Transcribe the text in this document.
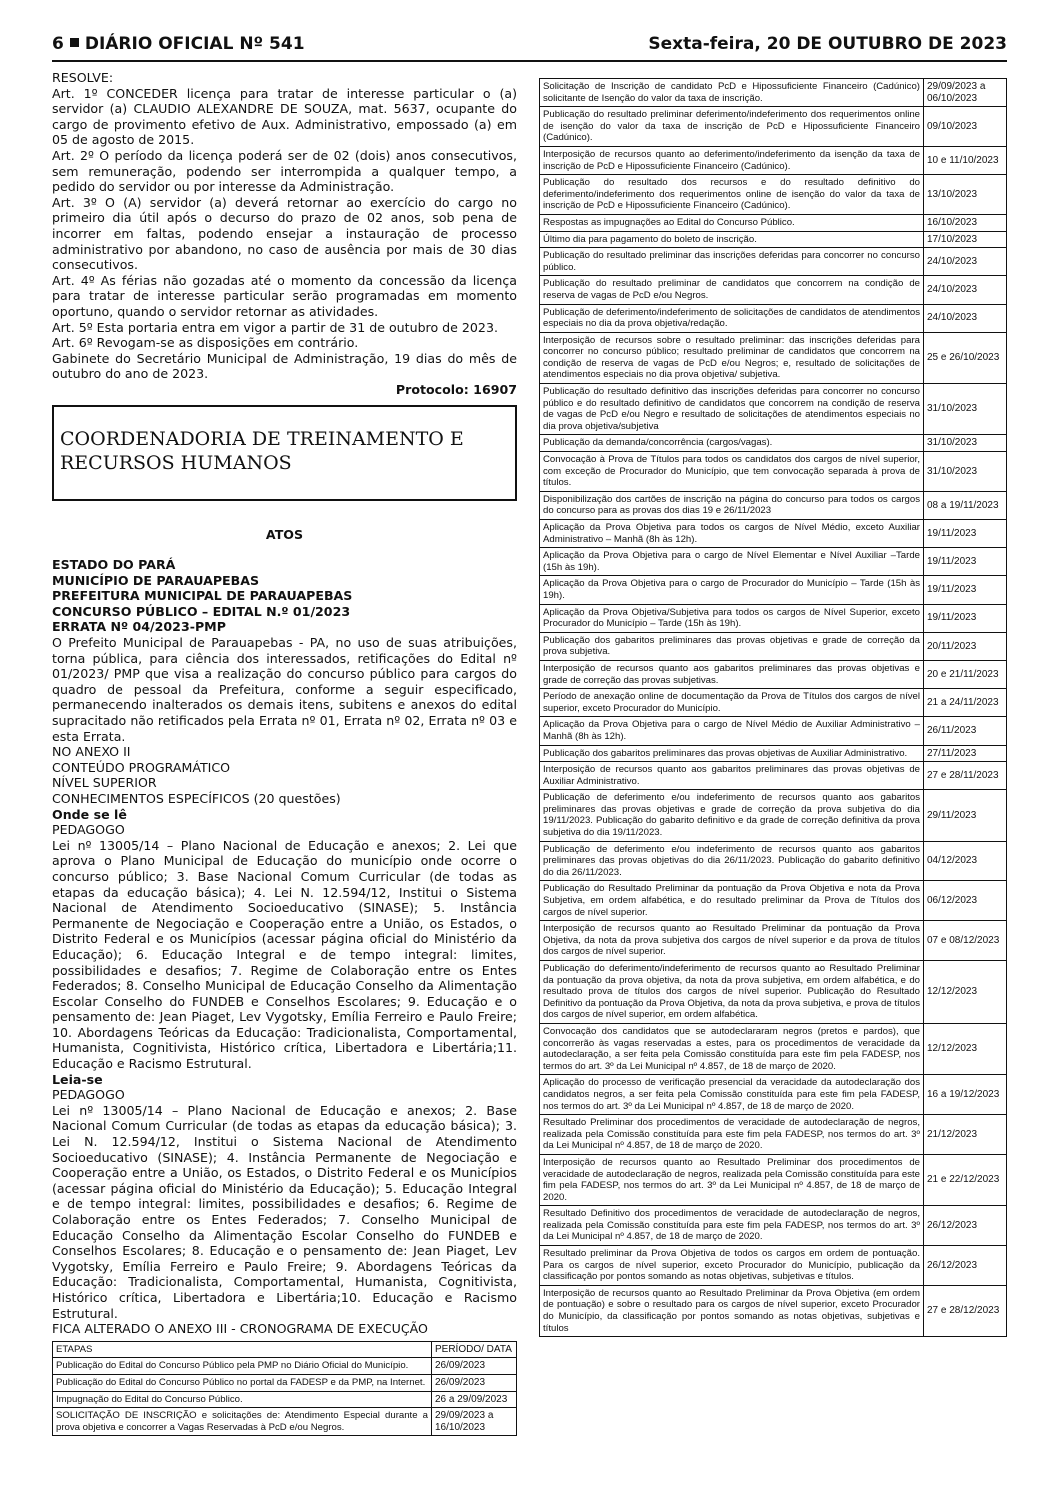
6 DIÁRIO OFICIAL Nº 541	Sexta-feira, 20 DE OUTUBRO DE 2023

RESOLVE:

Art. 1º CONCEDER licença para tratar de interesse particular o (a) servidor (a) CLAUDIO ALEXANDRE DE SOUZA, mat. 5637, ocupante do cargo de provimento efetivo de Aux. Administrativo, empossado (a) em 05 de agosto de 2015.

Art. 2º O período da licença poderá ser de 02 (dois) anos consecutivos, sem remuneração, podendo ser interrompida a qualquer tempo, a pedido do servidor ou por interesse da Administração.

Art. 3º O (A) servidor (a) deverá retornar ao exercício do cargo no primeiro dia útil após o decurso do prazo de 02 anos, sob pena de incorrer em faltas, podendo ensejar a instauração de processo administrativo por abandono, no caso de ausência por mais de 30 dias consecutivos.

Art. 4º As férias não gozadas até o momento da concessão da licença para tratar de interesse particular serão programadas em momento oportuno, quando o servidor retornar as atividades.

Art. 5º Esta portaria entra em vigor a partir de 31 de outubro de 2023.

Art. 6º Revogam-se as disposições em contrário.

Gabinete do Secretário Municipal de Administração, 19 dias do mês de outubro do ano de 2023.

Protocolo: 16907

COORDENADORIA DE TREINAMENTO E
RECURSOS HUMANOS

ATOS

ESTADO DO PARÁ

MUNICÍPIO DE PARAUAPEBAS

PREFEITURA MUNICIPAL DE PARAUAPEBAS

CONCURSO PÚBLICO – EDITAL N.º 01/2023

ERRATA Nº 04/2023-PMP

O Prefeito Municipal de Parauapebas - PA, no uso de suas atribuições, torna pública, para ciência dos interessados, retificações do Edital nº 01/2023/ PMP que visa a realização do concurso público para cargos do quadro de pessoal da Prefeitura, conforme a seguir especificado, permanecendo inalterados os demais itens, subitens e anexos do edital supracitado não retificados pela Errata nº 01, Errata nº 02, Errata nº 03 e esta Errata.

NO ANEXO II

CONTEÚDO PROGRAMÁTICO

NÍVEL SUPERIOR

CONHECIMENTOS ESPECÍFICOS (20 questões)

Onde se lê

PEDAGOGO

Lei nº 13005/14 – Plano Nacional de Educação e anexos; 2. Lei que aprova o Plano Municipal de Educação do município onde ocorre o concurso público; 3. Base Nacional Comum Curricular (de todas as etapas da educação básica); 4. Lei N. 12.594/12, Institui o Sistema Nacional de Atendimento Socioeducativo (SINASE); 5. Instância Permanente de Negociação e Cooperação entre a União, os Estados, o Distrito Federal e os Municípios (acessar página oficial do Ministério da Educação); 6. Educação Integral e de tempo integral: limites, possibilidades e desafios; 7. Regime de Colaboração entre os Entes Federados; 8. Conselho Municipal de Educação Conselho da Alimentação Escolar Conselho do FUNDEB e Conselhos Escolares; 9. Educação e o pensamento de: Jean Piaget, Lev Vygotsky, Emília Ferreiro e Paulo Freire; 10. Abordagens Teóricas da Educação: Tradicionalista, Comportamental, Humanista, Cognitivista, Histórico crítica, Libertadora e Libertária;11. Educação e Racismo Estrutural.

Leia-se

PEDAGOGO

Lei nº 13005/14 – Plano Nacional de Educação e anexos; 2. Base Nacional Comum Curricular (de todas as etapas da educação básica); 3. Lei N. 12.594/12, Institui o Sistema Nacional de Atendimento Socioeducativo (SINASE); 4. Instância Permanente de Negociação e Cooperação entre a União, os Estados, o Distrito Federal e os Municípios (acessar página oficial do Ministério da Educação); 5. Educação Integral e de tempo integral: limites, possibilidades e desafios; 6. Regime de Colaboração entre os Entes Federados; 7. Conselho Municipal de Educação Conselho da Alimentação Escolar Conselho do FUNDEB e Conselhos Escolares; 8. Educação e o pensamento de: Jean Piaget, Lev Vygotsky, Emília Ferreiro e Paulo Freire; 9. Abordagens Teóricas da Educação: Tradicionalista, Comportamental, Humanista, Cognitivista, Histórico crítica, Libertadora e Libertária;10. Educação e Racismo Estrutural.

FICA ALTERADO O ANEXO III - CRONOGRAMA DE EXECUÇÃO

ETAPAS	PERÍODO/ DATA
Publicação do Edital do Concurso Público pela PMP no Diário Oficial do Município.	26/09/2023
Publicação do Edital do Concurso Público no portal da FADESP e da PMP, na Internet.	26/09/2023
Impugnação do Edital do Concurso Público.	26 a 29/09/2023
SOLICITAÇÃO DE INSCRIÇÃO e solicitações de: Atendimento Especial durante a prova objetiva e concorrer a Vagas Reservadas à PcD e/ou Negros.	29/09/2023 a 16/10/2023
Solicitação de Inscrição de candidato PcD e Hipossuficiente Financeiro (Cadúnico) solicitante de Isenção do valor da taxa de inscrição.	29/09/2023 a 06/10/2023
Publicação do resultado preliminar deferimento/indeferimento dos requerimentos online de isenção do valor da taxa de inscrição de PcD e Hipossuficiente Financeiro (Cadúnico).	09/10/2023
Interposição de recursos quanto ao deferimento/indeferimento da isenção da taxa de inscrição de PcD e Hipossuficiente Financeiro (Cadúnico).	10 e 11/10/2023
Publicação do resultado dos recursos e do resultado definitivo do deferimento/indeferimento dos requerimentos online de isenção do valor da taxa de inscrição de PcD e Hipossuficiente Financeiro (Cadúnico).	13/10/2023
Respostas as impugnações ao Edital do Concurso Público.	16/10/2023
Último dia para pagamento do boleto de inscrição.	17/10/2023
Publicação do resultado preliminar das inscrições deferidas para concorrer no concurso público.	24/10/2023
Publicação do resultado preliminar de candidatos que concorrem na condição de reserva de vagas de PcD e/ou Negros.	24/10/2023
Publicação de deferimento/indeferimento de solicitações de candidatos de atendimentos especiais no dia da prova objetiva/redação.	24/10/2023
Interposição de recursos sobre o resultado preliminar: das inscrições deferidas para concorrer no concurso público; resultado preliminar de candidatos que concorrem na condição de reserva de vagas de PcD e/ou Negros; e, resultado de solicitações de atendimentos especiais no dia prova objetiva/ subjetiva.	25 e 26/10/2023
Publicação do resultado definitivo das inscrições deferidas para concorrer no concurso público e do resultado definitivo de candidatos que concorrem na condição de reserva de vagas de PcD e/ou Negro e resultado de solicitações de atendimentos especiais no dia prova objetiva/subjetiva	31/10/2023
Publicação da demanda/concorrência (cargos/vagas).	31/10/2023
Convocação à Prova de Títulos para todos os candidatos dos cargos de nível superior, com exceção de Procurador do Município, que tem convocação separada à prova de títulos.	31/10/2023
Disponibilização dos cartões de inscrição na página do concurso para todos os cargos do concurso para as provas dos dias 19 e 26/11/2023	08 a 19/11/2023
Aplicação da Prova Objetiva para todos os cargos de Nível Médio, exceto Auxiliar Administrativo – Manhã (8h às 12h).	19/11/2023
Aplicação da Prova Objetiva para o cargo de Nível Elementar e Nível Auxiliar –Tarde (15h às 19h).	19/11/2023
Aplicação da Prova Objetiva para o cargo de Procurador do Município – Tarde (15h às 19h).	19/11/2023
Aplicação da Prova Objetiva/Subjetiva para todos os cargos de Nível Superior, exceto Procurador do Município – Tarde (15h às 19h).	19/11/2023
Publicação dos gabaritos preliminares das provas objetivas e grade de correção da prova subjetiva.	20/11/2023
Interposição de recursos quanto aos gabaritos preliminares das provas objetivas e grade de correção das provas subjetivas.	20 e 21/11/2023
Período de anexação online de documentação da Prova de Títulos dos cargos de nível superior, exceto Procurador do Município.	21 a 24/11/2023
Aplicação da Prova Objetiva para o cargo de Nível Médio de Auxiliar Administrativo – Manhã (8h às 12h).	26/11/2023
Publicação dos gabaritos preliminares das provas objetivas de Auxiliar Administrativo.	27/11/2023
Interposição de recursos quanto aos gabaritos preliminares das provas objetivas de Auxiliar Administrativo.	27 e 28/11/2023
Publicação de deferimento e/ou indeferimento de recursos quanto aos gabaritos preliminares das provas objetivas e grade de correção da prova subjetiva do dia 19/11/2023. Publicação do gabarito definitivo e da grade de correção definitiva da prova subjetiva do dia 19/11/2023.	29/11/2023
Publicação de deferimento e/ou indeferimento de recursos quanto aos gabaritos preliminares das provas objetivas do dia 26/11/2023. Publicação do gabarito definitivo do dia 26/11/2023.	04/12/2023
Publicação do Resultado Preliminar da pontuação da Prova Objetiva e nota da Prova Subjetiva, em ordem alfabética, e do resultado preliminar da Prova de Títulos dos cargos de nível superior.	06/12/2023
Interposição de recursos quanto ao Resultado Preliminar da pontuação da Prova Objetiva, da nota da prova subjetiva dos cargos de nível superior e da prova de títulos dos cargos de nível superior.	07 e 08/12/2023
Publicação do deferimento/indeferimento de recursos quanto ao Resultado Preliminar da pontuação da prova objetiva, da nota da prova subjetiva, em ordem alfabética, e do resultado prova de títulos dos cargos de nível superior. Publicação do Resultado Definitivo da pontuação da Prova Objetiva, da nota da prova subjetiva, e prova de títulos dos cargos de nível superior, em ordem alfabética.	12/12/2023
Convocação dos candidatos que se autodeclararam negros (pretos e pardos), que concorrerão às vagas reservadas a estes, para os procedimentos de veracidade da autodeclaração, a ser feita pela Comissão constituída para este fim pela FADESP, nos termos do art. 3º da Lei Municipal nº 4.857, de 18 de março de 2020.	12/12/2023
Aplicação do processo de verificação presencial da veracidade da autodeclaração dos candidatos negros, a ser feita pela Comissão constituída para este fim pela FADESP, nos termos do art. 3º da Lei Municipal nº 4.857, de 18 de março de 2020.	16 a 19/12/2023
Resultado Preliminar dos procedimentos de veracidade de autodeclaração de negros, realizada pela Comissão constituída para este fim pela FADESP, nos termos do art. 3º da Lei Municipal nº 4.857, de 18 de março de 2020.	21/12/2023
Interposição de recursos quanto ao Resultado Preliminar dos procedimentos de veracidade de autodeclaração de negros, realizada pela Comissão constituída para este fim pela FADESP, nos termos do art. 3º da Lei Municipal nº 4.857, de 18 de março de 2020.	21 e 22/12/2023
Resultado Definitivo dos procedimentos de veracidade de autodeclaração de negros, realizada pela Comissão constituída para este fim pela FADESP, nos termos do art. 3º da Lei Municipal nº 4.857, de 18 de março de 2020.	26/12/2023
Resultado preliminar da Prova Objetiva de todos os cargos em ordem de pontuação. Para os cargos de nível superior, exceto Procurador do Município, publicação da classificação por pontos somando as notas objetivas, subjetivas e títulos.	26/12/2023
Interposição de recursos quanto ao Resultado Preliminar da Prova Objetiva (em ordem de pontuação) e sobre o resultado para os cargos de nível superior, exceto Procurador do Município, da classificação por pontos somando as notas objetivas, subjetivas e títulos	27 e 28/12/2023
